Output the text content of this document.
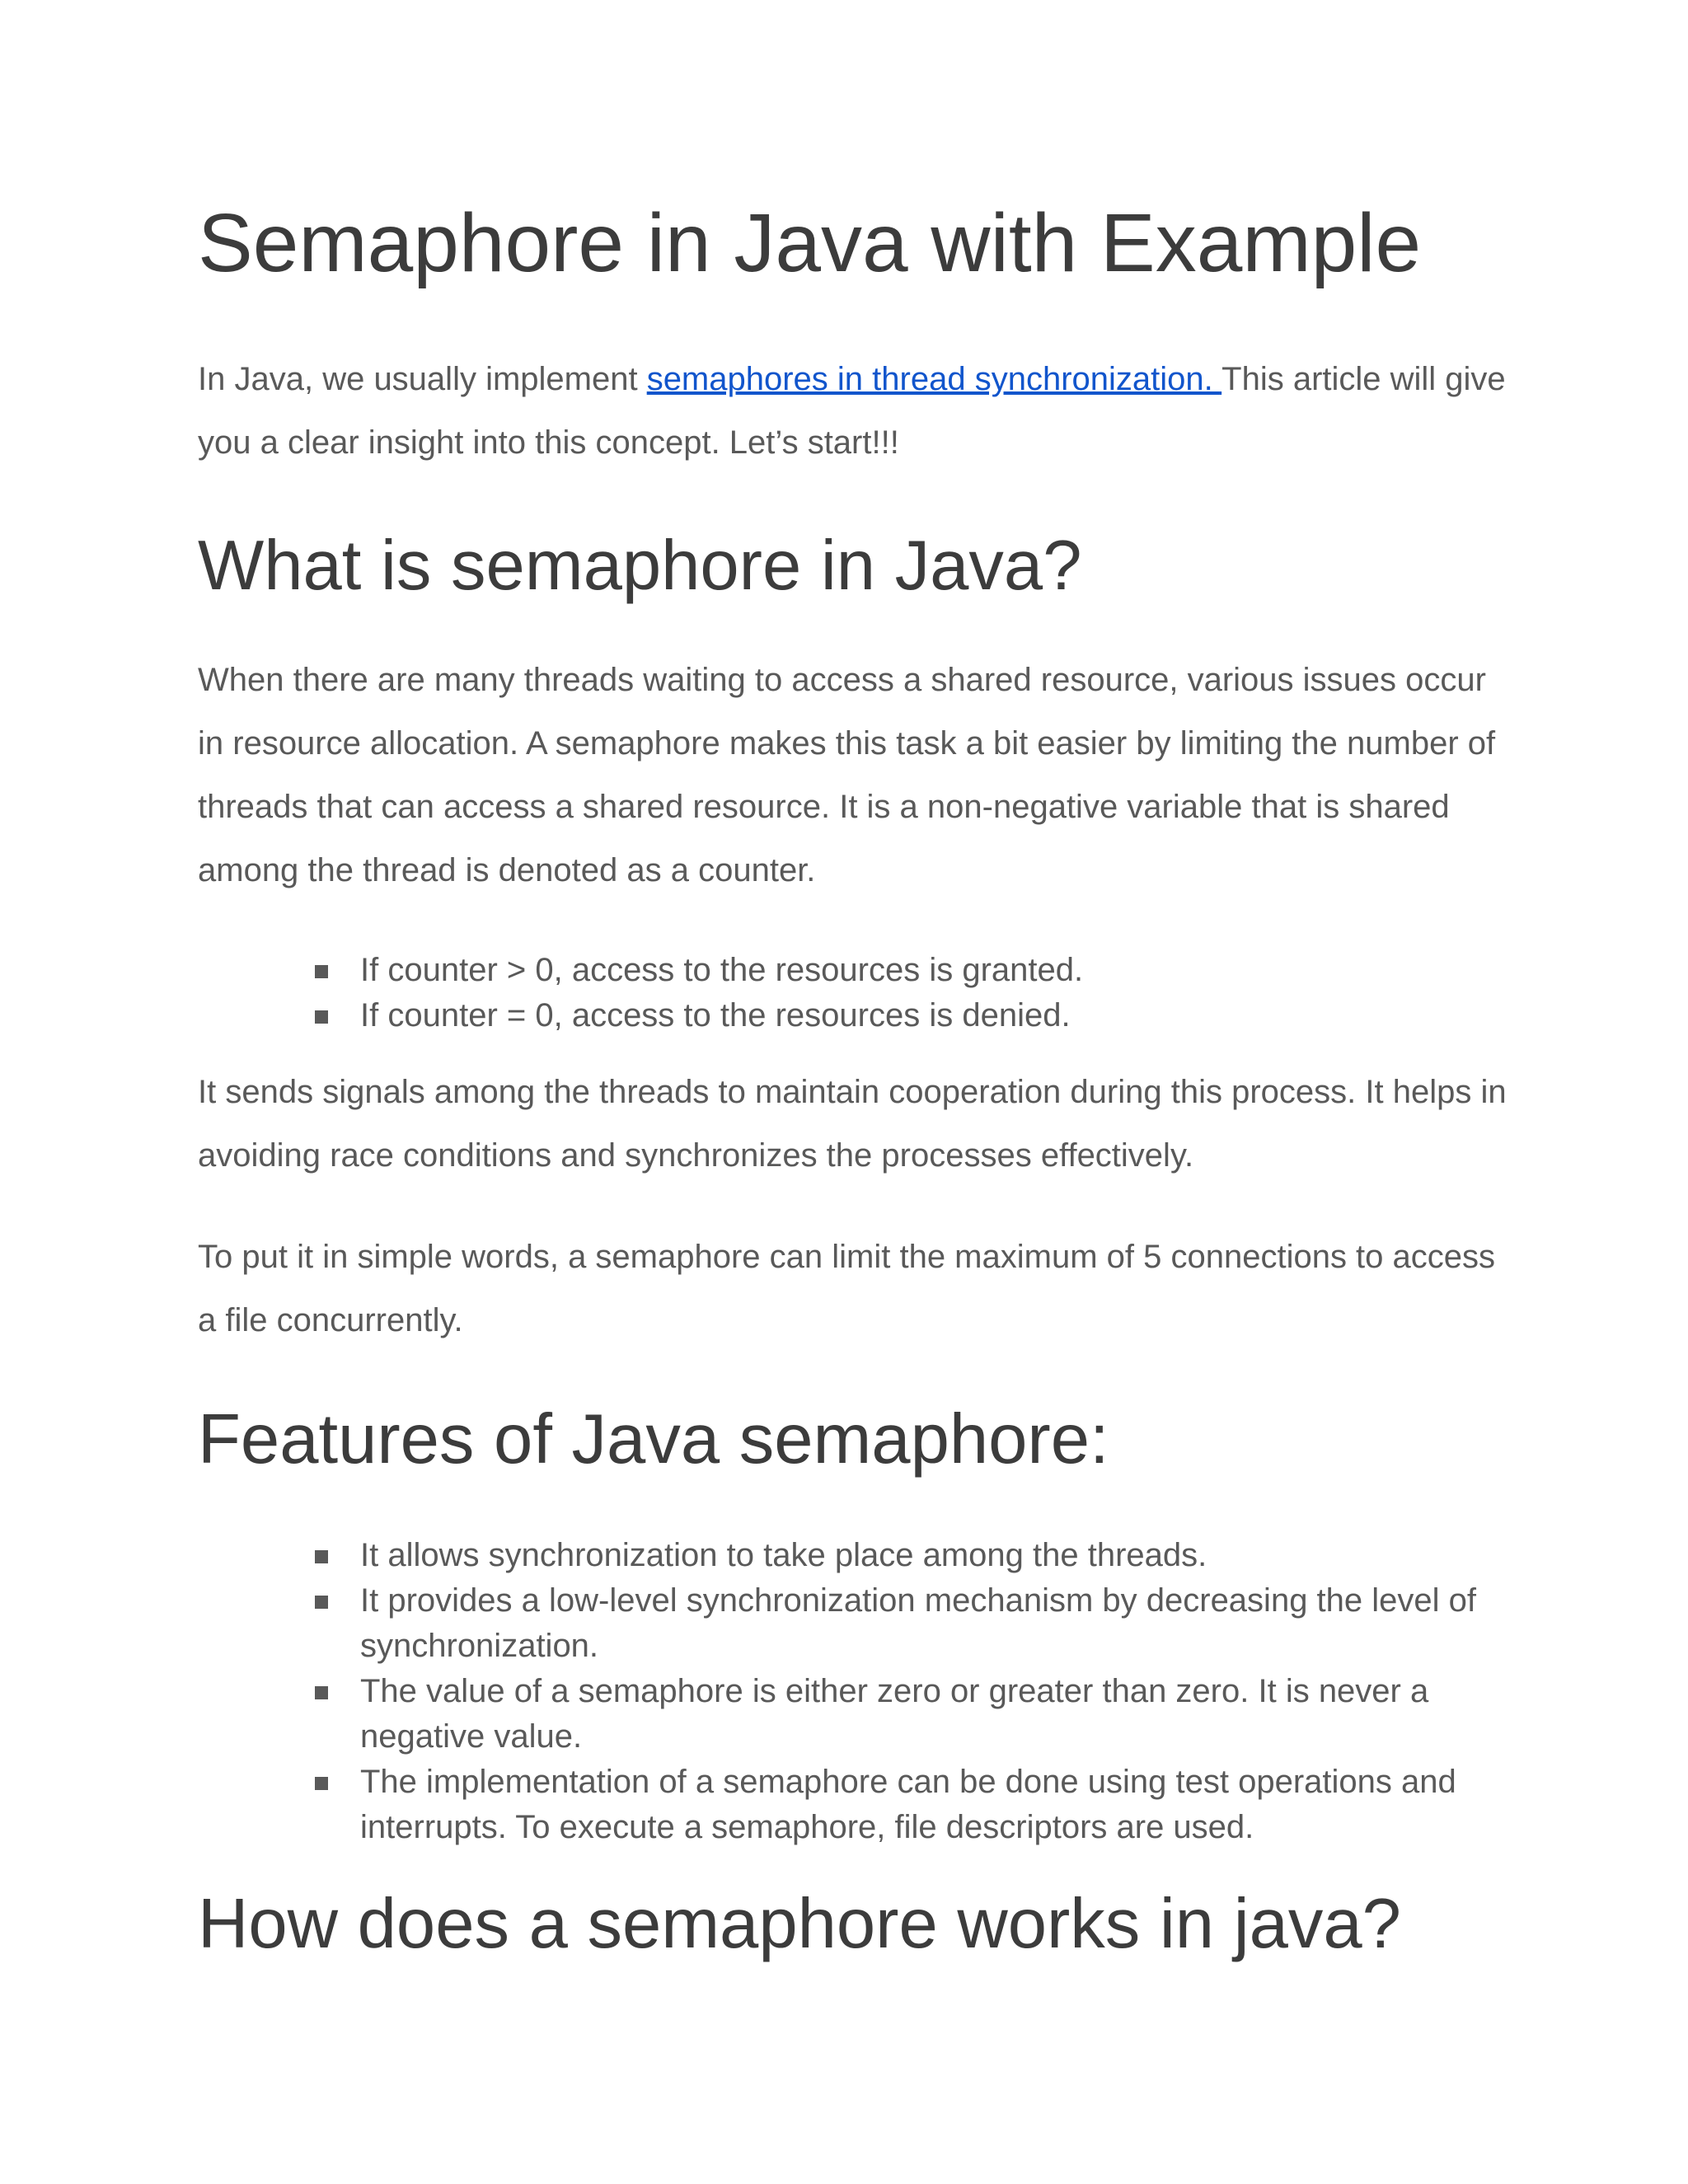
Semaphore in Java with Example

In Java, we usually implement semaphores in thread synchronization. This article will give you a clear insight into this concept. Let’s start!!!

What is semaphore in Java?

When there are many threads waiting to access a shared resource, various issues occur in resource allocation. A semaphore makes this task a bit easier by limiting the number of threads that can access a shared resource. It is a non-negative variable that is shared among the thread is denoted as a counter.

If counter > 0, access to the resources is granted.
If counter = 0, access to the resources is denied.

It sends signals among the threads to maintain cooperation during this process. It helps in avoiding race conditions and synchronizes the processes effectively.

To put it in simple words, a semaphore can limit the maximum of 5 connections to access a file concurrently.

Features of Java semaphore:
It allows synchronization to take place among the threads.
It provides a low-level synchronization mechanism by decreasing the level of synchronization.
The value of a semaphore is either zero or greater than zero. It is never a negative value.
The implementation of a semaphore can be done using test operations and interrupts. To execute a semaphore, file descriptors are used.
How does a semaphore works in java?
